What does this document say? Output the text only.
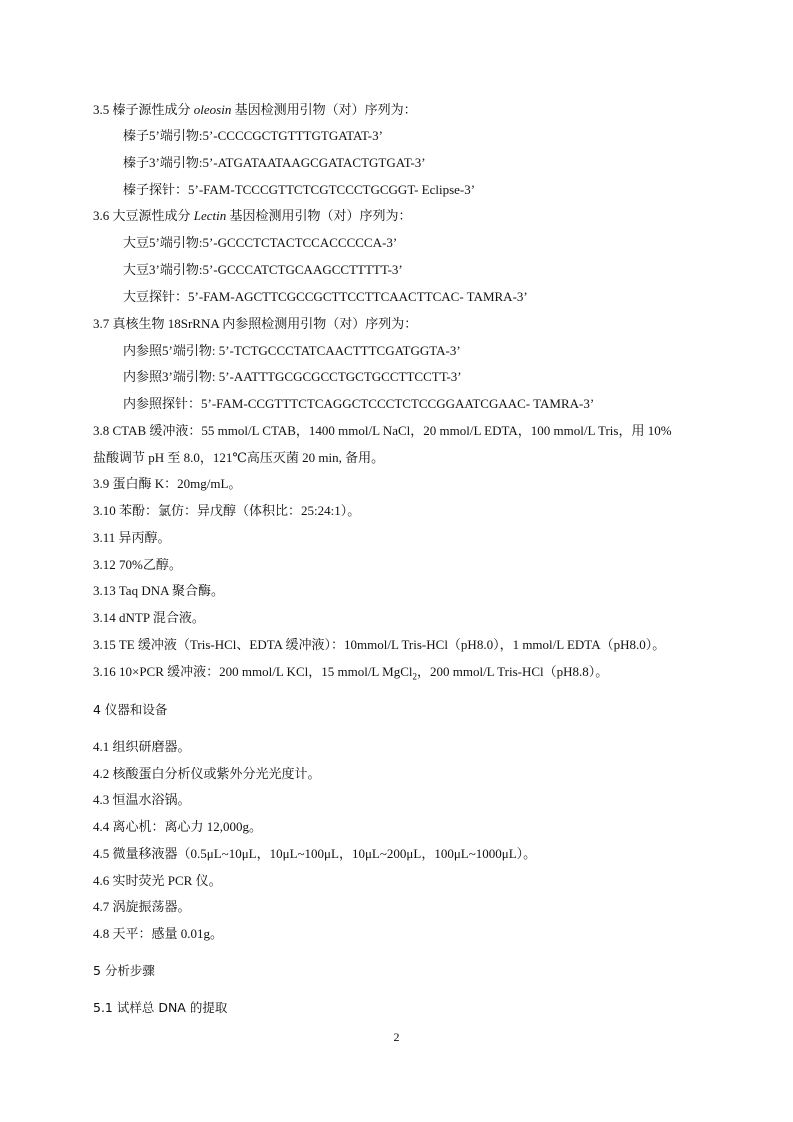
3.5 榛子源性成分 oleosin 基因检测用引物（对）序列为：
榛子5’端引物:5’-CCCCGCTGTTTGTGATAT-3’
榛子3’端引物:5’-ATGATAATAAGCGATACTGTGAT-3’
榛子探针：5’-FAM-TCCCGTTCTCGTCCCTGCGGT- Eclipse-3’
3.6 大豆源性成分 Lectin 基因检测用引物（对）序列为：
大豆5’端引物:5’-GCCCTCTACTCCACCCCCA-3’
大豆3’端引物:5’-GCCCATCTGCAAGCCTTTTT-3’
大豆探针：5’-FAM-AGCTTCGCCGCTTCCTTCAACTTCAC- TAMRA-3’
3.7 真核生物 18SrRNA 内参照检测用引物（对）序列为：
内参照5’端引物: 5’-TCTGCCCTATCAACTTTCGATGGTA-3’
内参照3’端引物: 5’-AATTTGCGCGCCTGCTGCCTTCCTT-3’
内参照探针：5’-FAM-CCGTTTCTCAGGCTCCCTCTCCGGAATCGAAC- TAMRA-3’
3.8 CTAB 缓冲液：55 mmol/L CTAB，1400 mmol/L NaCl，20 mmol/L EDTA，100 mmol/L Tris，用 10%
盐酸调节 pH 至 8.0，121℃高压灭菌 20 min, 备用。
3.9 蛋白酶 K：20mg/mL。
3.10 苯酚：氯仿：异戊醇（体积比：25:24:1）。
3.11 异丙醇。
3.12 70%乙醇。
3.13 Taq DNA 聚合酶。
3.14 dNTP 混合液。
3.15 TE 缓冲液（Tris-HCl、EDTA 缓冲液）：10mmol/L Tris-HCl（pH8.0），1 mmol/L EDTA（pH8.0）。
3.16 10×PCR 缓冲液：200 mmol/L KCl，15 mmol/L MgCl$_2$，200 mmol/L Tris-HCl（pH8.8）。
4 仪器和设备
4.1 组织研磨器。
4.2 核酸蛋白分析仪或紫外分光光度计。
4.3 恒温水浴锅。
4.4 离心机：离心力 12,000g。
4.5 微量移液器（0.5μL~10μL，10μL~100μL，10μL~200μL，100μL~1000μL）。
4.6 实时荧光 PCR 仪。
4.7 涡旋振荡器。
4.8 天平：感量 0.01g。
5 分析步骤
5.1 试样总 DNA 的提取
2
